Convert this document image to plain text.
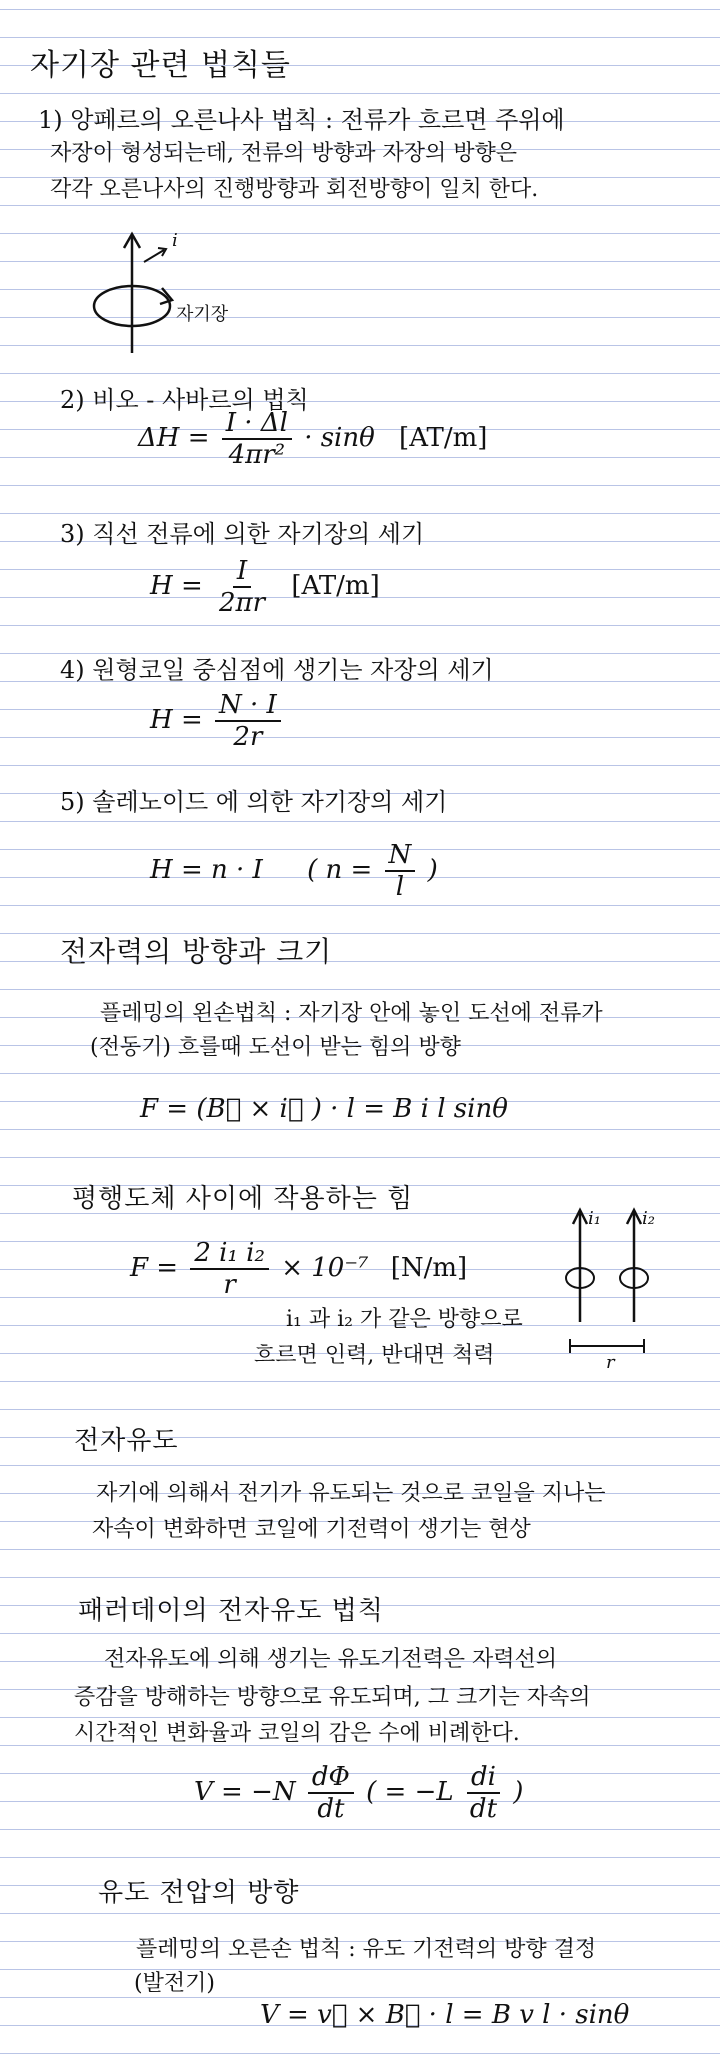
자기장 관련 법칙들
1) 앙페르의 오른나사 법칙 : 전류가 흐르면 주위에
자장이 형성되는데, 전류의 방향과 자장의 방향은
각각 오른나사의 진행방향과 회전방향이 일치 한다.
i
자기장
2) 비오 - 사바르의 법칙
$\Delta H = \frac{I \cdot \Delta l}{\text{4πr²}} \cdot \sin\theta$ [AT/m]
3) 직선 전류에 의한 자기장의 세기
$H = \frac{I}{2\pi r} [AT/m]$
4) 원형코일 중심점에 생기는 자장의 세기
$H = \frac{N \cdot I}{2r}$
5) 솔레노이드 에 의한 자기장의 세기
H = n · I ( $n = \frac{N}{l}$ )
전자력의 방향과 크기
플레밍의 왼손법칙 : 자기장 안에 놓인 도선에 전류가
(전동기) 흐를때 도선이 받는 힘의 방향
F = (B⃗ × i⃗ ) · l = B i l sinθ
평행도체 사이에 작용하는 힘
$F = \frac{\text{2 i₁ i₂}}{r} \times 10^{-7}$ [N/m]
i₁ 과 i₂ 가 같은 방향으로
흐르면 인력, 반대면 척력
i₁ i₂
r
전자유도
자기에 의해서 전기가 유도되는 것으로 코일을 지나는
자속이 변화하면 코일에 기전력이 생기는 현상
패러데이의 전자유도 법칙
전자유도에 의해 생기는 유도기전력은 자력선의
증감을 방해하는 방향으로 유도되며, 그 크기는 자속의
시간적인 변화율과 코일의 감은 수에 비례한다.
$V = -N \frac{d\Phi}{dt}$ ( = $-L \frac{di}{dt}$ )
유도 전압의 방향
플레밍의 오른손 법칙 : 유도 기전력의 방향 결정
(발전기)
V = v⃗ × B⃗ · l = B v l · sinθ
